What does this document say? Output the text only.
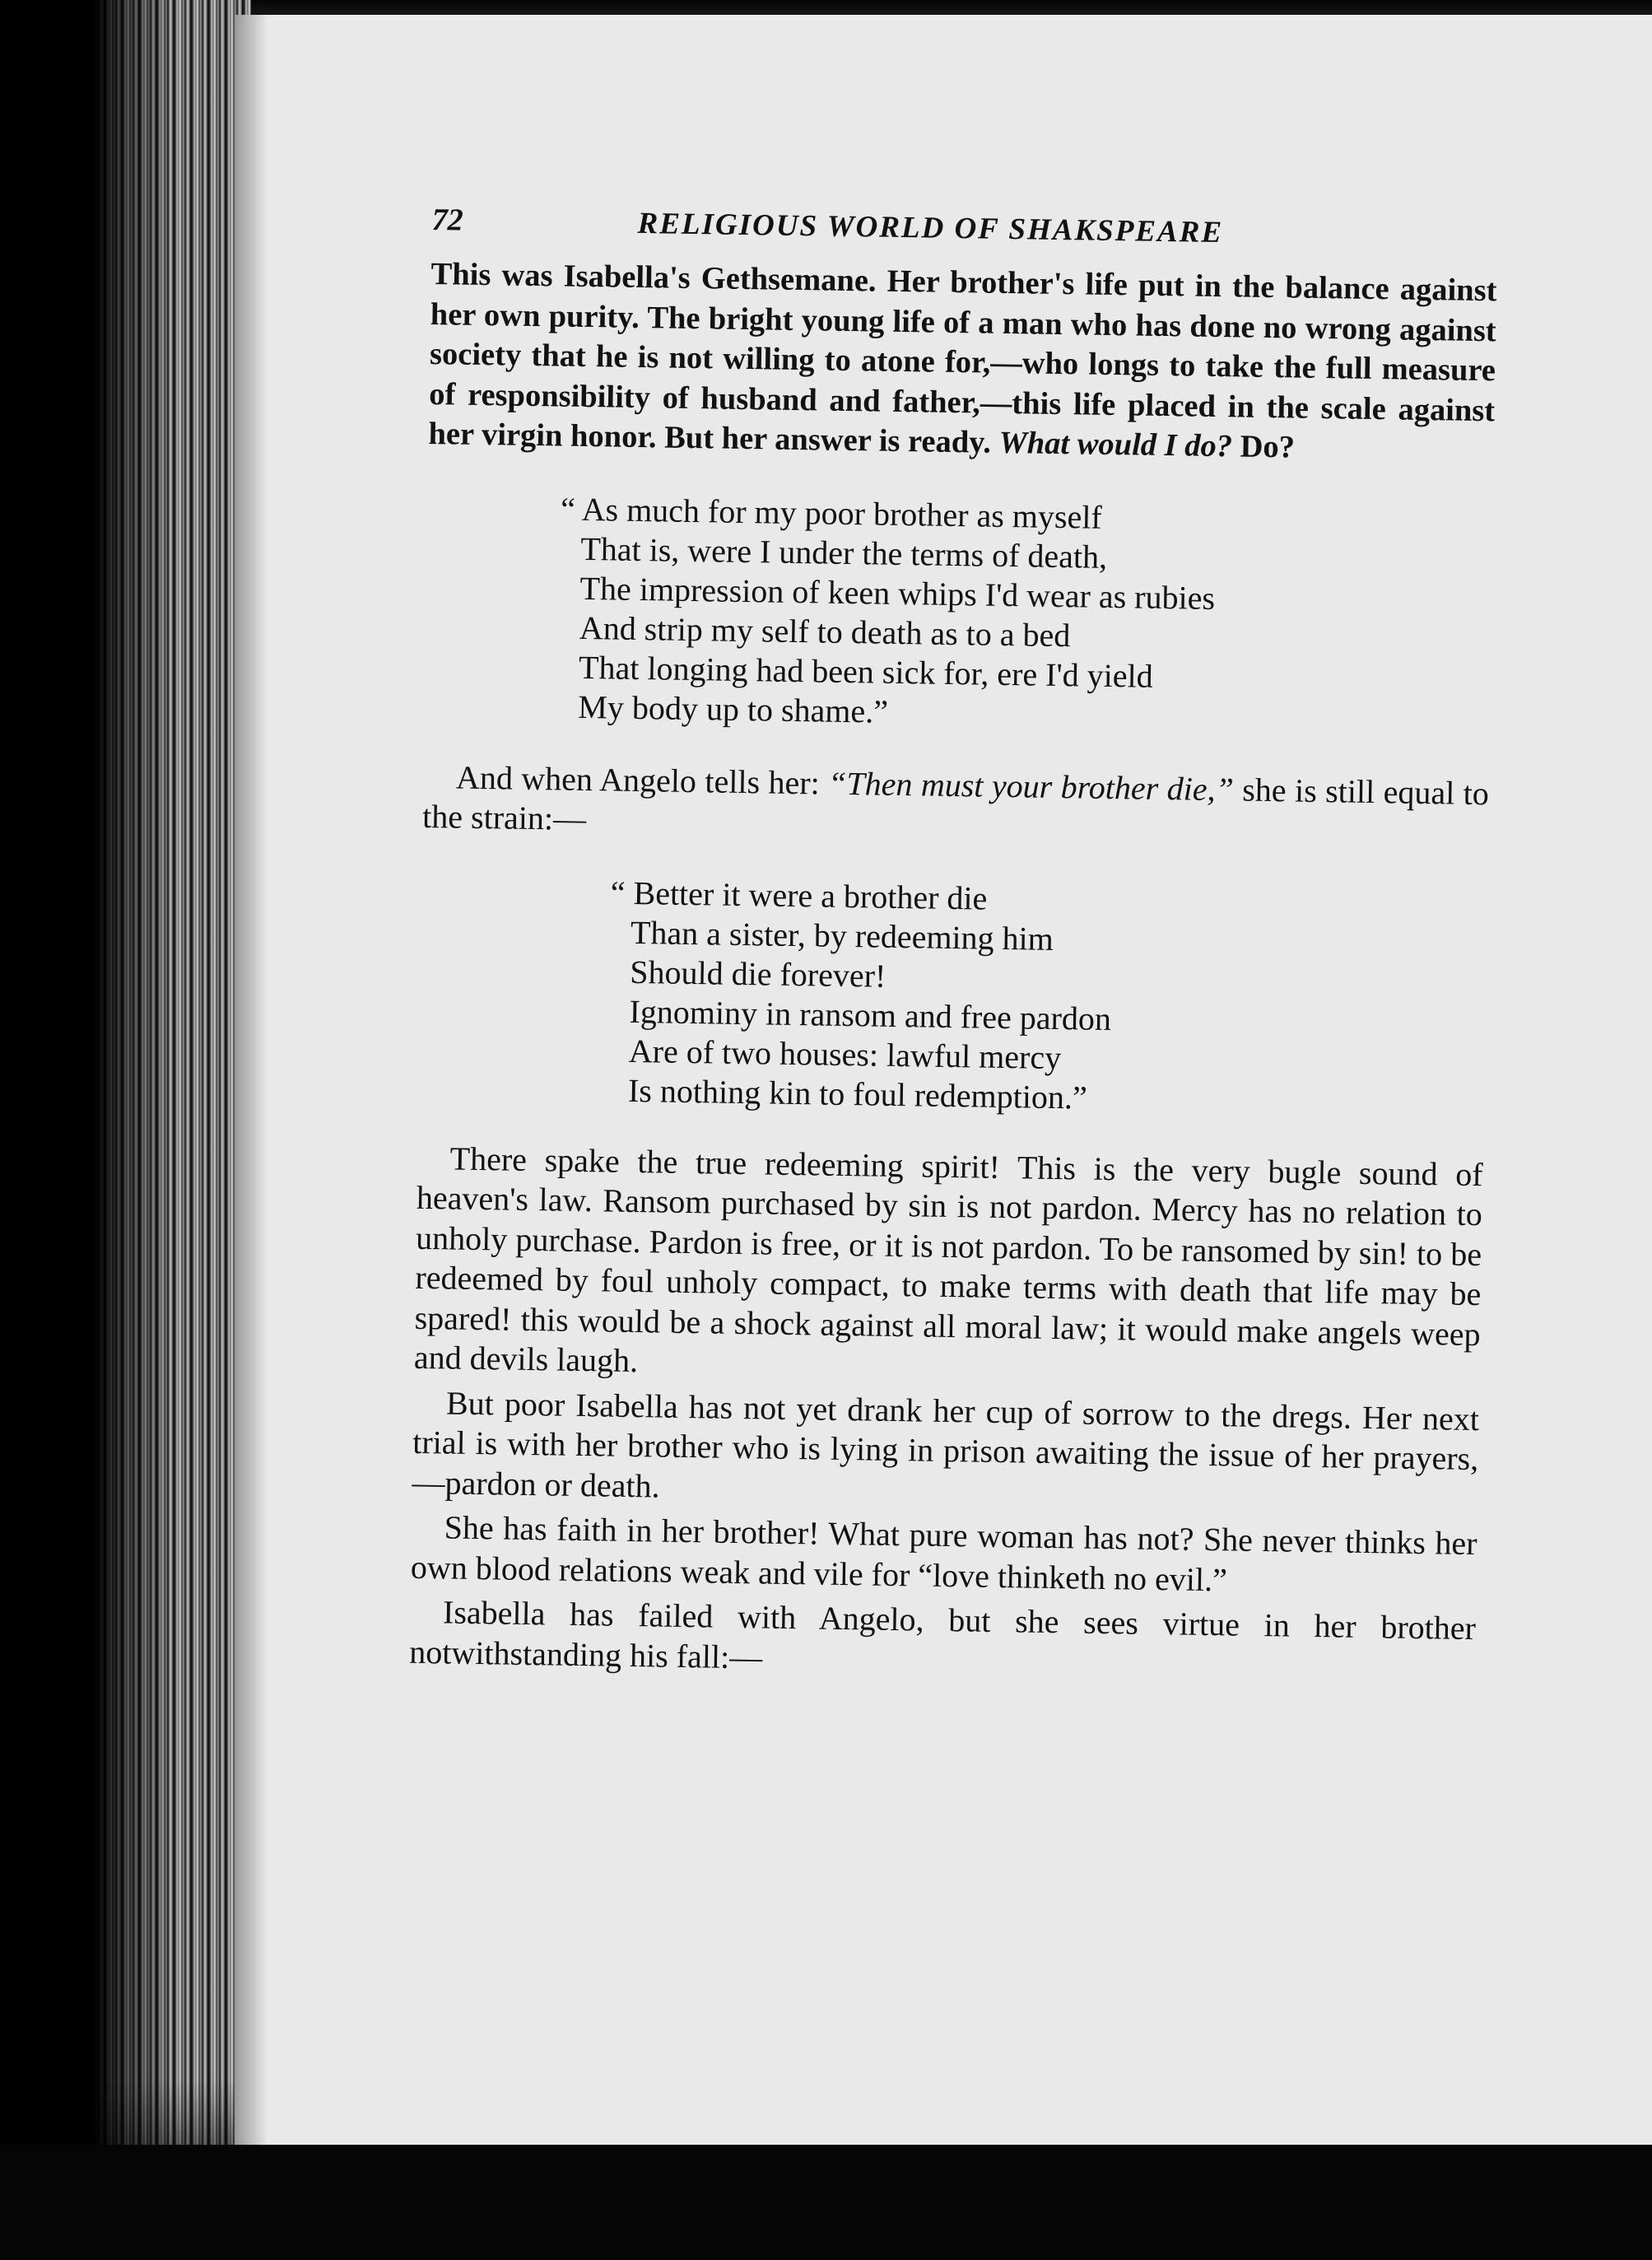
72	RELIGIOUS WORLD OF SHAKSPEARE

This was Isabella's Gethsemane. Her brother's life put in the balance against her own purity. The bright young life of a man who has done no wrong against society that he is not willing to atone for,—who longs to take the full measure of responsibility of husband and father,—this life placed in the scale against her virgin honor. But her answer is ready. What would I do? Do?

“ As much for my poor brother as myself
That is, were I under the terms of death,
The impression of keen whips I'd wear as rubies
And strip my self to death as to a bed
That longing had been sick for, ere I'd yield
My body up to shame.”

And when Angelo tells her: “Then must your brother die,” she is still equal to the strain:—

“ Better it were a brother die
Than a sister, by redeeming him
Should die forever!
Ignominy in ransom and free pardon
Are of two houses: lawful mercy
Is nothing kin to foul redemption.”

There spake the true redeeming spirit! This is the very bugle sound of heaven's law. Ransom purchased by sin is not pardon. Mercy has no relation to unholy purchase. Pardon is free, or it is not pardon. To be ransomed by sin! to be redeemed by foul unholy compact, to make terms with death that life may be spared! this would be a shock against all moral law; it would make angels weep and devils laugh.

But poor Isabella has not yet drank her cup of sorrow to the dregs. Her next trial is with her brother who is lying in prison awaiting the issue of her prayers,—pardon or death.

She has faith in her brother! What pure woman has not? She never thinks her own blood relations weak and vile for “love thinketh no evil.”

Isabella has failed with Angelo, but she sees virtue in her brother notwithstanding his fall:—
